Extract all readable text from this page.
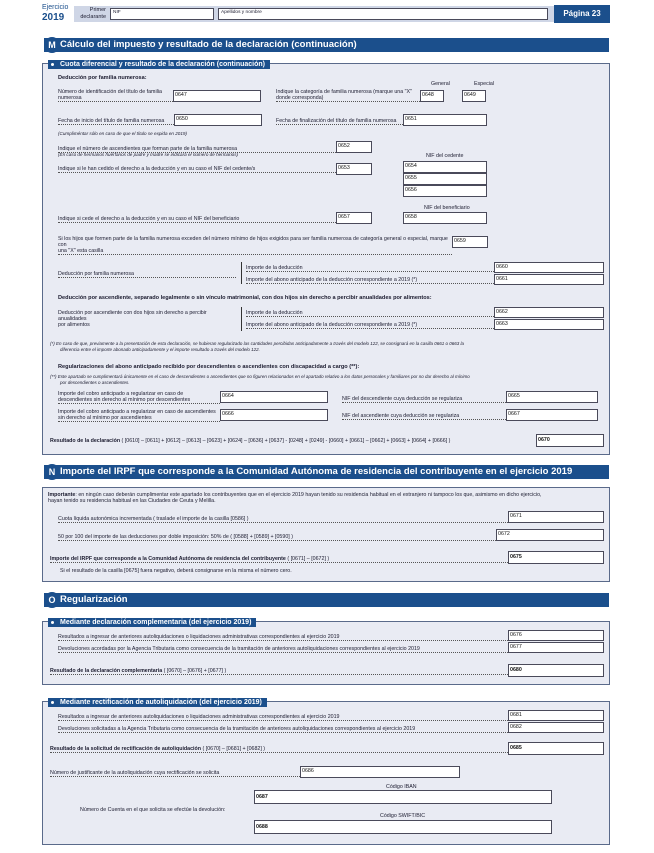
Ejercicio
2019
Primer
declarante
NIF	Apellidos y nombre	Página 23
Cálculo del impuesto y resultado de la declaración (continuación)
M
Cuota diferencial y resultado de la declaración (continuación)
Deducción por familia numerosa:
General	Especial
Número de identificación del título de familia
numerosa
0647	Indique la categoría de familia numerosa (marque una "X"
donde corresponda)
0648	0649
Fecha de inicio del título de familia numerosa	0650	Fecha de finalización del título de familia numerosa	0651
(Cumpliméntar sólo en caso de que el título se expida en 2019)
Indique el número de ascendientes que forman parte de la familia numerosa
(En caso de hermanos huérfanos de padre y madre se indicará el número de hermanos)
0652
NIF del cedente
Indique si le han cedido el derecho a la deducción y en su caso el NIF del cedente/s	0653	0654
0655
0656
NIF del beneficiario
Indique si cede el derecho a la deducción y en su caso el NIF del beneficiario	0657	0658
Si los hijos que formen parte de la familia numerosa exceden del número mínimo de hijos exigidos para ser familia numerosa de categoría general o especial, marque con
una "X" esta casilla
0659
Deducción por familia numerosa
Importe de la deducción	0660
Importe del abono anticipado de la deducción correspondiente a 2019 (*)	0661
Deducción por ascendiente, separado legalmente o sin vínculo matrimonial, con dos hijos sin derecho a percibir anualidades por alimentos:
Deducción por ascendiente con dos hijos sin derecho a percibir anualidades
por alimentos
Importe de la deducción	0662
Importe del abono anticipado de la deducción correspondiente a 2019 (*)	0663
(*) En caso de que, previamente a la presentación de esta declaración, se hubieran regularizado las cantidades percibidas anticipadamente a través del modelo 122, se consignará en la casilla 0661 o 0663 la
diferencia entre el importe abonado anticipadamente y el importe resultado a través del modelo 122.
Regularizaciones del abono anticipado recibido por descendientes o ascendientes con discapacidad a cargo (**):
(**) Este apartado se cumplimentará únicamente en el caso de descendientes o ascendientes que no figuren relacionados en el apartado relativo a los datos personales y familiares por no dar derecho al mínimo
por descendientes o ascendientes.
Importe del cobro anticipado a regularizar en caso de
descendientes sin derecho al mínimo por descendientes
0664	NIF del descendiente cuya deducción se regulariza	0665
Importe del cobro anticipado a regularizar en caso de ascendientes
sin derecho al mínimo por ascendientes
0666	NIF del ascendiente cuya deducción se regulariza	0667
Resultado de la declaración ( [0610] – [0611] + [0612] – [0613] – [0623] + [0624] – [0636] + [0637] - [0248] + [0249] - [0660] + [0661] – [0662] + [0663] + [0664] + [0666] )	0670
Importe del IRPF que corresponde a la Comunidad Autónoma de residencia del contribuyente en el ejercicio 2019
N
Importante: en ningún caso deberán cumplimentar este apartado los contribuyentes que en el ejercicio 2019 hayan tenido su residencia habitual en el extranjero ni tampoco los que, asimismo en dicho ejercicio,
hayan tenido su residencia habitual en las Ciudades de Ceuta y Melilla.
Cuota líquida autonómica incrementada ( traslade el importe de la casilla [0586] )	0671
50 por 100 del importe de las deducciones por doble imposición: 50% de ( [0588] + [0589] + [0590] )	0672
Importe del IRPF que corresponde a la Comunidad Autónoma de residencia del contribuyente ( [0671] – [0672] )	0675
Si el resultado de la casilla [0675] fuera negativo, deberá consignarse en la misma el número cero.
Regularización
O
Mediante declaración complementaria (del ejercicio 2019)
Resultados a ingresar de anteriores autoliquidaciones o liquidaciones administrativas correspondientes al ejercicio 2019	0676
Devoluciones acordadas por la Agencia Tributaria como consecuencia de la tramitación de anteriores autoliquidaciones correspondientes al ejercicio 2019	0677
Resultado de la declaración complementaria ( [0670] – [0676] + [0677] )	0680
Mediante rectificación de autoliquidación (del ejercicio 2019)
Resultados a ingresar de anteriores autoliquidaciones o liquidaciones administrativas correspondientes al ejercicio 2019	0681
Devoluciones solicitadas a la Agencia Tributaria como consecuencia de la tramitación de anteriores autoliquidaciones correspondientes al ejercicio 2019	0682
Resultado de la solicitud de rectificación de autoliquidación ( [0670] – [0681] + [0682] )	0685
Número de justificante de la autoliquidación cuya rectificación se solicita	0686
Código IBAN
Número de Cuenta en el que solicita se efectúe la devolución:
0687
Código SWIFT/BIC
0688
